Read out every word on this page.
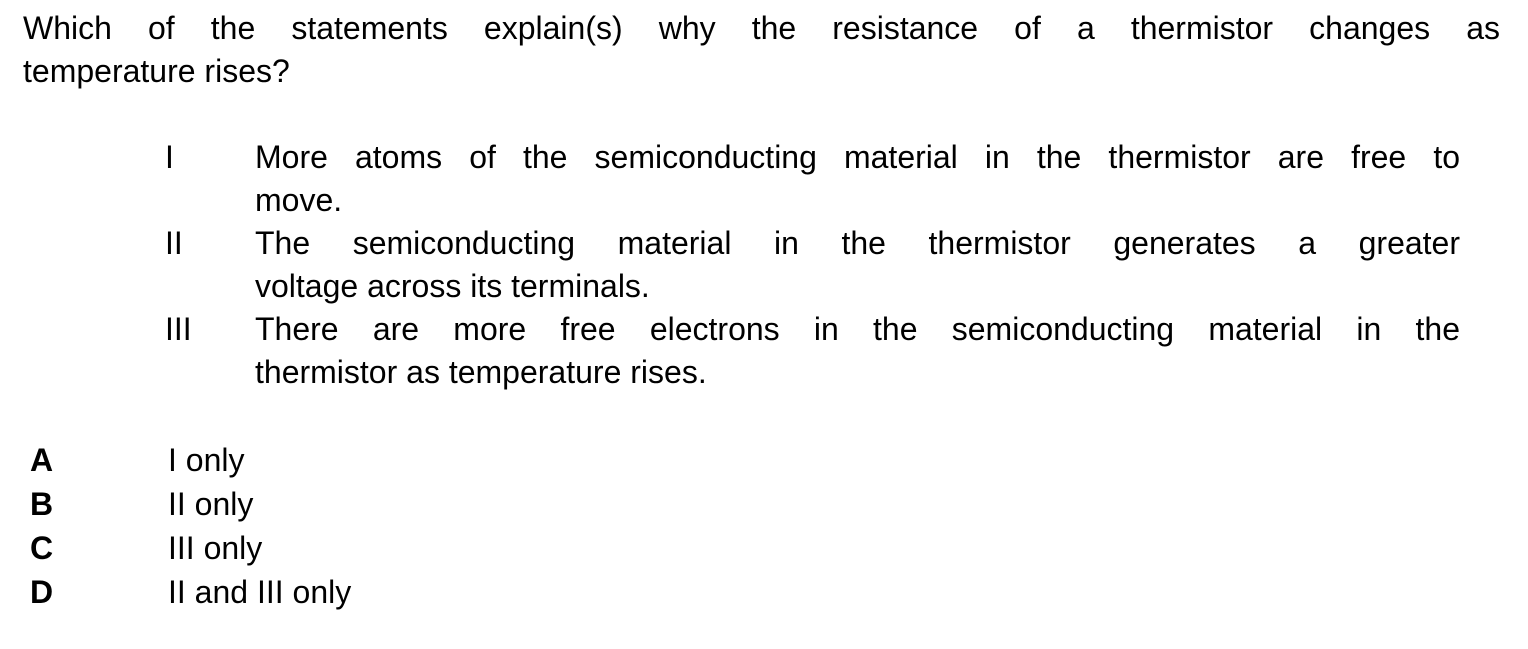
Which of the statements explain(s) why the resistance of a thermistor changes as
temperature rises?
I	More atoms of the semiconducting material in the thermistor are free to
move.
II	The semiconducting material in the thermistor generates a greater
voltage across its terminals.
III	There are more free electrons in the semiconducting material in the
thermistor as temperature rises.
A	I only
B	II only
C	III only
D	II and III only
